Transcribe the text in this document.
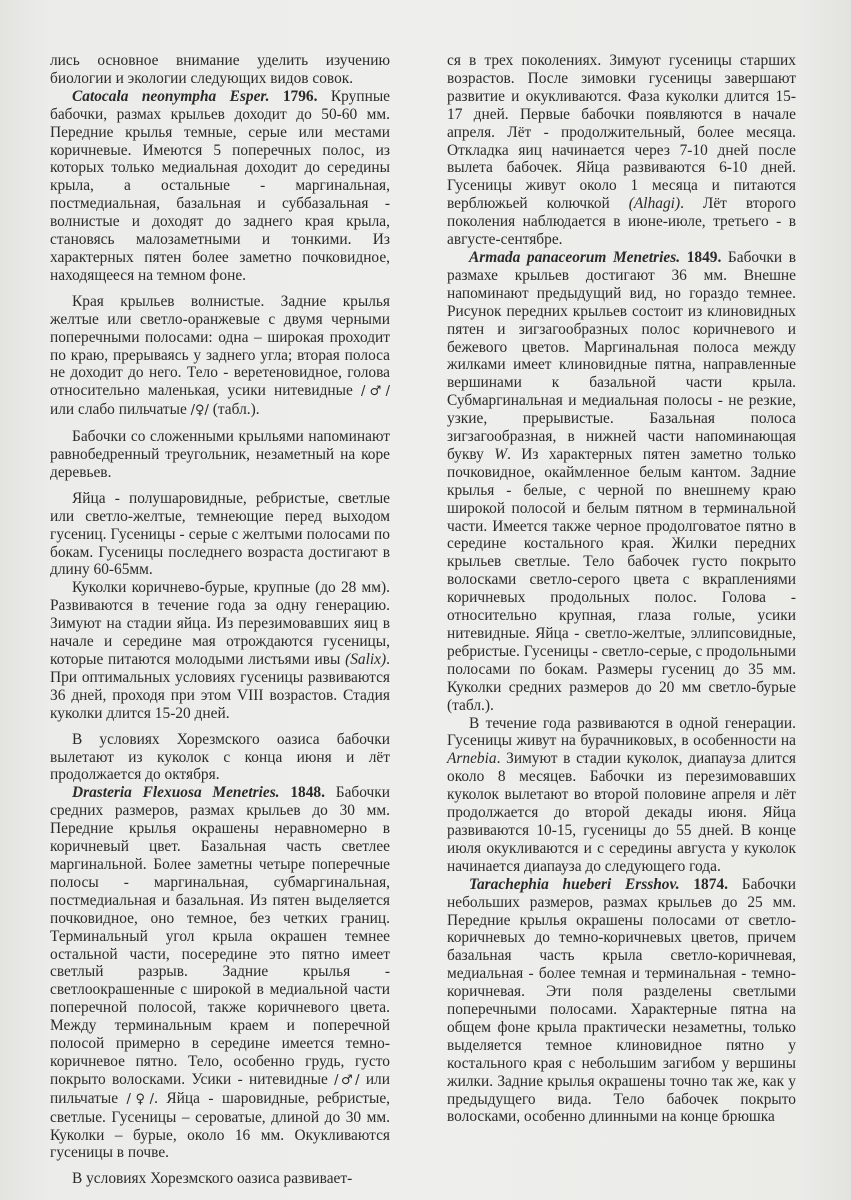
лись основное внимание уделить изучению биологии и экологии следующих видов совок.

Catocala neonympha Esper. 1796. Крупные бабочки, размах крыльев доходит до 50-60 мм. Передние крылья темные, серые или местами коричневые. Имеются 5 поперечных полос, из которых только медиальная доходит до середины крыла, а остальные - маргинальная, постмедиальная, базальная и суббазальная - волнистые и доходят до заднего края крыла, становясь малозаметными и тонкими. Из характерных пятен более заметно почковидное, находящееся на темном фоне.

Края крыльев волнистые. Задние крылья желтые или светло-оранжевые с двумя черными поперечными полосами: одна – широкая проходит по краю, прерываясь у заднего угла; вторая полоса не доходит до него. Тело - веретеновидное, голова относительно маленькая, усики нитевидные /♂/ или слабо пильчатые /♀/ (табл.).

Бабочки со сложенными крыльями напоминают равнобедренный треугольник, незаметный на коре деревьев.

Яйца - полушаровидные, ребристые, светлые или светло-желтые, темнеющие перед выходом гусениц. Гусеницы - серые с желтыми полосами по бокам. Гусеницы последнего возраста достигают в длину 60-65мм.

Куколки коричнево-бурые, крупные (до 28 мм). Развиваются в течение года за одну генерацию. Зимуют на стадии яйца. Из перезимовавших яиц в начале и середине мая отрождаются гусеницы, которые питаются молодыми листьями ивы (Salix). При оптимальных условиях гусеницы развиваются 36 дней, проходя при этом VIII возрастов. Стадия куколки длится 15-20 дней.

В условиях Хорезмского оазиса бабочки вылетают из куколок с конца июня и лёт продолжается до октября.

Drasteria Flexuosa Menetries. 1848. Бабочки средних размеров, размах крыльев до 30 мм. Передние крылья окрашены неравномерно в коричневый цвет. Базальная часть светлее маргинальной. Более заметны четыре поперечные полосы - маргинальная, субмаргинальная, постмедиальная и базальная. Из пятен выделяется почковидное, оно темное, без четких границ. Терминальный угол крыла окрашен темнее остальной части, посередине это пятно имеет светлый разрыв. Задние крылья - светлоокрашенные с широкой в медиальной части поперечной полосой, также коричневого цвета. Между терминальным краем и поперечной полосой примерно в середине имеется темно-коричневое пятно. Тело, особенно грудь, густо покрыто волосками. Усики - нитевидные /♂/ или пильчатые /♀/. Яйца - шаровидные, ребристые, светлые. Гусеницы – сероватые, длиной до 30 мм. Куколки – бурые, около 16 мм. Окукливаются гусеницы в почве.

В условиях Хорезмского оазиса развивает-

ся в трех поколениях. Зимуют гусеницы старших возрастов. После зимовки гусеницы завершают развитие и окукливаются. Фаза куколки длится 15-17 дней. Первые бабочки появляются в начале апреля. Лёт - продолжительный, более месяца. Откладка яиц начинается через 7-10 дней после вылета бабочек. Яйца развиваются 6-10 дней. Гусеницы живут около 1 месяца и питаются верблюжьей колючкой (Alhagi). Лёт второго поколения наблюдается в июне-июле, третьего - в августе-сентябре.

Armada panaceorum Menetries. 1849. Бабочки в размахе крыльев достигают 36 мм. Внешне напоминают предыдущий вид, но гораздо темнее. Рисунок передних крыльев состоит из клиновидных пятен и зигзагообразных полос коричневого и бежевого цветов. Маргинальная полоса между жилками имеет клиновидные пятна, направленные вершинами к базальной части крыла. Субмаргинальная и медиальная полосы - не резкие, узкие, прерывистые. Базальная полоса зигзагообразная, в нижней части напоминающая букву W. Из характерных пятен заметно только почковидное, окаймленное белым кантом. Задние крылья - белые, с черной по внешнему краю широкой полосой и белым пятном в терминальной части. Имеется также черное продолговатое пятно в середине костального края. Жилки передних крыльев светлые. Тело бабочек густо покрыто волосками светло-серого цвета с вкраплениями коричневых продольных полос. Голова - относительно крупная, глаза голые, усики нитевидные. Яйца - светло-желтые, эллипсовидные, ребристые. Гусеницы - светло-серые, с продольными полосами по бокам. Размеры гусениц до 35 мм. Куколки средних размеров до 20 мм светло-бурые (табл.).

В течение года развиваются в одной генерации. Гусеницы живут на бурачниковых, в особенности на Arnebia. Зимуют в стадии куколок, диапауза длится около 8 месяцев. Бабочки из перезимовавших куколок вылетают во второй половине апреля и лёт продолжается до второй декады июня. Яйца развиваются 10-15, гусеницы до 55 дней. В конце июля окукливаются и с середины августа у куколок начинается диапауза до следующего года.

Tarachephia hueberi Ersshov. 1874. Бабочки небольших размеров, размах крыльев до 25 мм. Передние крылья окрашены полосами от светло-коричневых до темно-коричневых цветов, причем базальная часть крыла светло-коричневая, медиальная - более темная и терминальная - темно-коричневая. Эти поля разделены светлыми поперечными полосами. Характерные пятна на общем фоне крыла практически незаметны, только выделяется темное клиновидное пятно у костального края с небольшим загибом у вершины жилки. Задние крылья окрашены точно так же, как у предыдущего вида. Тело бабочек покрыто волосками, особенно длинными на конце брюшка
